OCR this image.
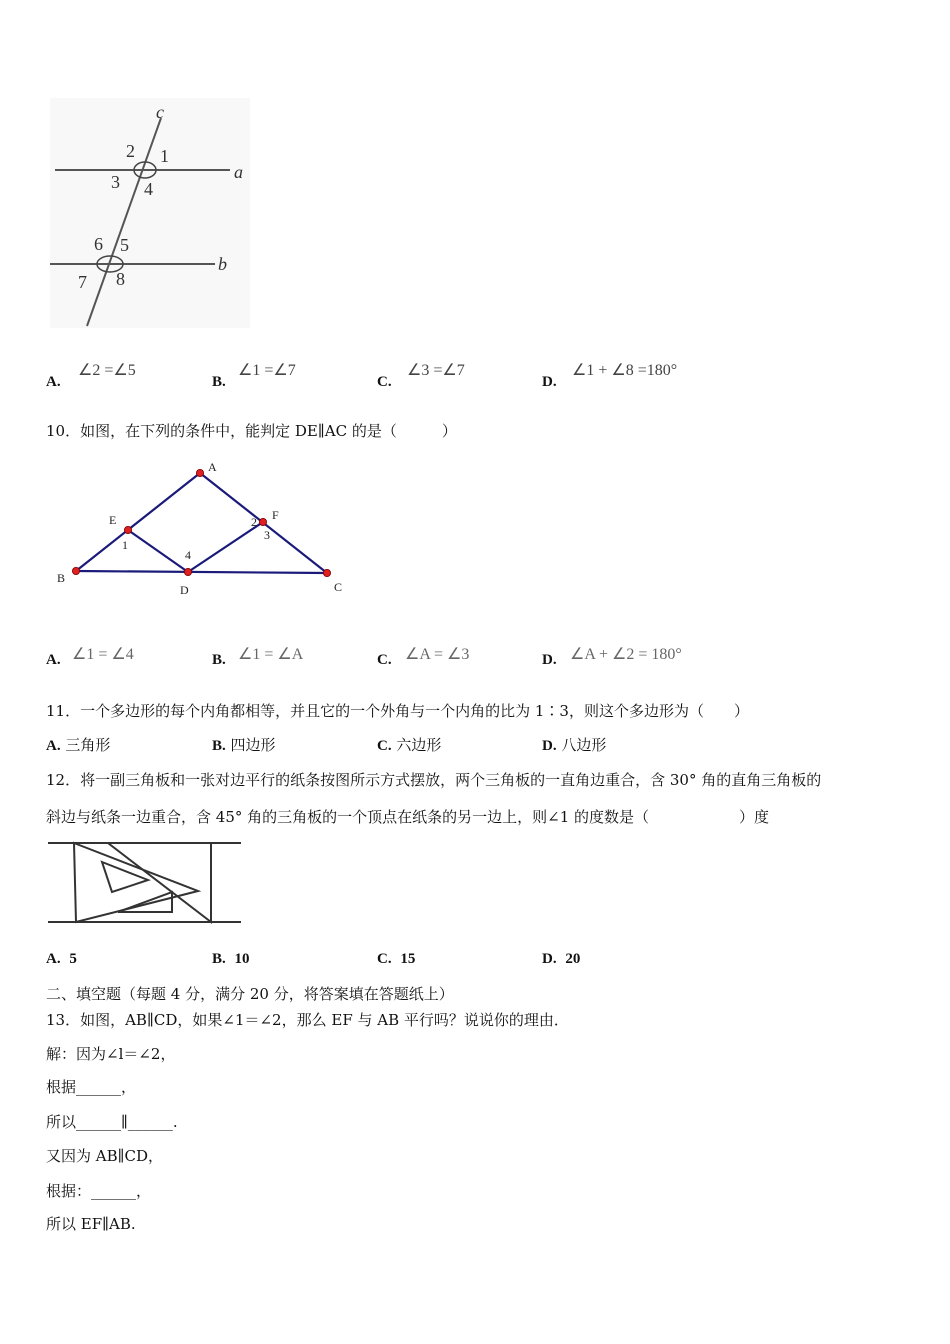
c
a
b
1
2
3 4
5
6
7 8
A.
∠2 =∠5
B.
∠1 =∠7
C.
∠3 =∠7
D.
∠1 + ∠8 =180°
10．如图，在下列的条件中，能判定 DE∥AC 的是（　　　）
A
B
C
D
E	F
1
2
3
4
A. ∠1 = ∠4	B. ∠1 = ∠A	C. ∠A = ∠3	D. ∠A + ∠2 = 180°
11．一个多边形的每个内角都相等，并且它的一个外角与一个内角的比为 1∶3，则这个多边形为（　　）
A. 三角形	B. 四边形	C. 六边形	D. 八边形
12．将一副三角板和一张对边平行的纸条按图所示方式摆放，两个三角板的一直角边重合，含 30° 角的直角三角板的
斜边与纸条一边重合，含 45° 角的三角板的一个顶点在纸条的另一边上，则∠1 的度数是（　　　　　　）度
A. 5	B. 10	C. 15	D. 20
二、填空题（每题 4 分，满分 20 分，将答案填在答题纸上）
13．如图，AB∥CD，如果∠1＝∠2，那么 EF 与 AB 平行吗？说说你的理由．
解：因为∠l＝∠2，
根据______，
所以______∥______.
又因为 AB∥CD，
根据：______，
所以 EF∥AB.
